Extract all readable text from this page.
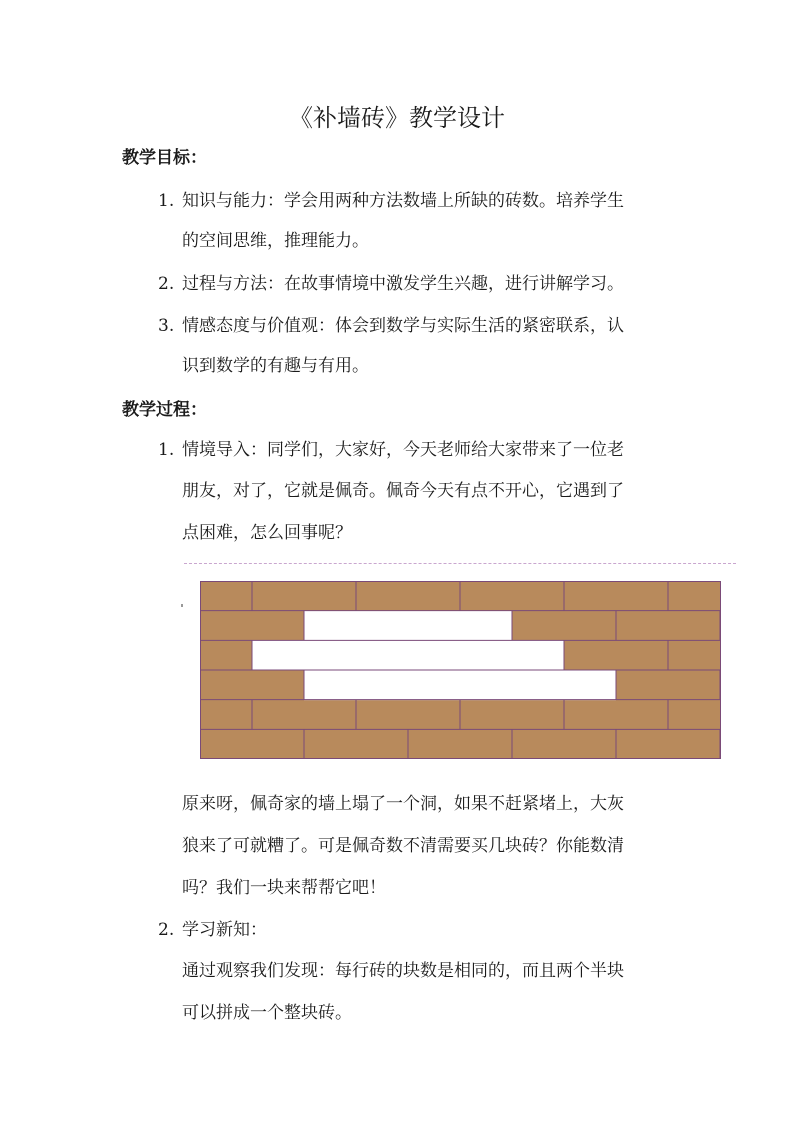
《补墙砖》教学设计
教学目标：
1. 知识与能力：学会用两种方法数墙上所缺的砖数。培养学生
的空间思维，推理能力。
2. 过程与方法：在故事情境中激发学生兴趣，进行讲解学习。
3. 情感态度与价值观：体会到数学与实际生活的紧密联系，认
识到数学的有趣与有用。
教学过程：
1. 情境导入：同学们，大家好，今天老师给大家带来了一位老
朋友，对了，它就是佩奇。佩奇今天有点不开心，它遇到了
点困难，怎么回事呢？
原来呀，佩奇家的墙上塌了一个洞，如果不赶紧堵上，大灰
狼来了可就糟了。可是佩奇数不清需要买几块砖？你能数清
吗？我们一块来帮帮它吧！
2. 学习新知：
通过观察我们发现：每行砖的块数是相同的，而且两个半块
可以拼成一个整块砖。
